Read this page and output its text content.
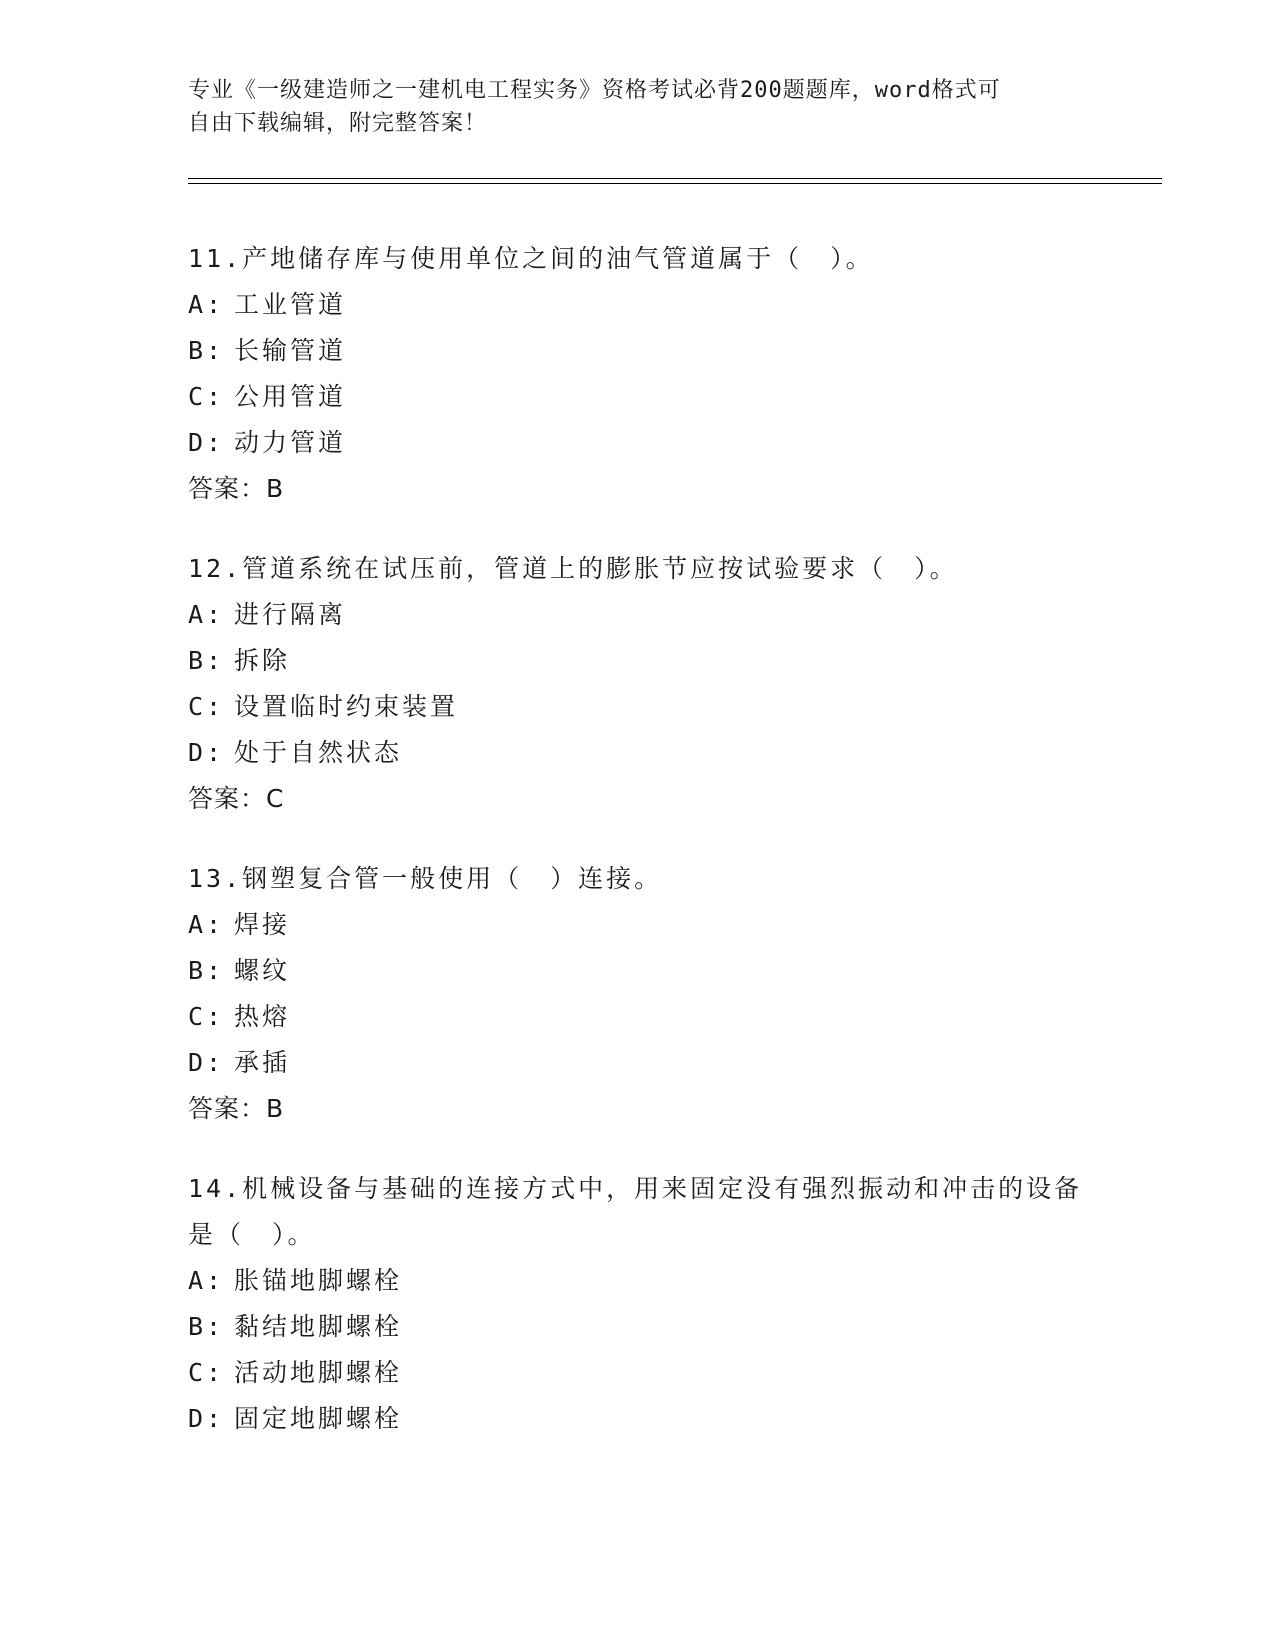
专业《一级建造师之一建机电工程实务》资格考试必背200题题库，word格式可
自由下载编辑，附完整答案！
11.产地储存库与使用单位之间的油气管道属于（　）。
A: 工业管道
B: 长输管道
C: 公用管道
D: 动力管道
答案：B
12.管道系统在试压前，管道上的膨胀节应按试验要求（　）。
A: 进行隔离
B: 拆除
C: 设置临时约束装置
D: 处于自然状态
答案：C
13.钢塑复合管一般使用（　）连接。
A: 焊接
B: 螺纹
C: 热熔
D: 承插
答案：B
14.机械设备与基础的连接方式中，用来固定没有强烈振动和冲击的设备是（　）。
A: 胀锚地脚螺栓
B: 黏结地脚螺栓
C: 活动地脚螺栓
D: 固定地脚螺栓
